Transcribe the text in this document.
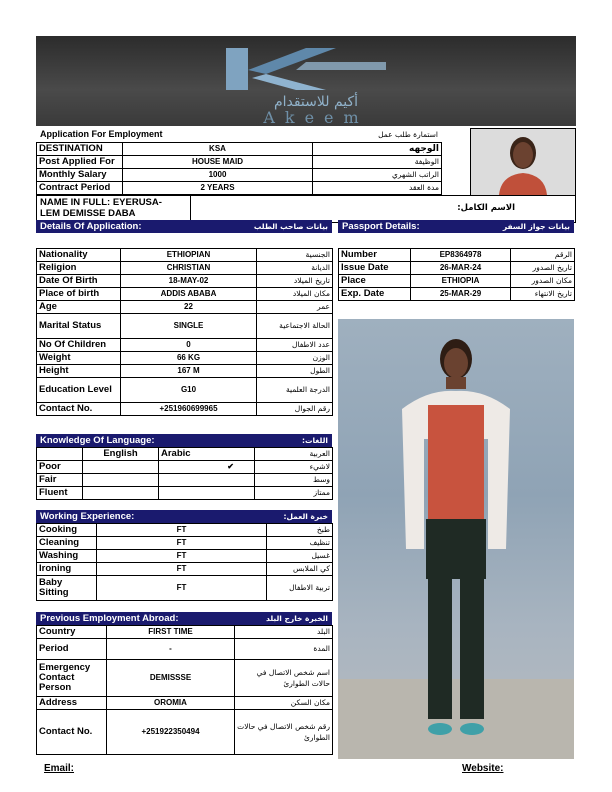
أكيم للاستقدام
Akeem
Application For Employment	استمارة طلب عمل
DESTINATION	KSA	الوجهه
Post Applied For	HOUSE MAID	الوظيفة
Monthly Salary	1000	الراتب الشهري
Contract Period	2 YEARS	مدة العقد
NAME IN FULL: EYERUSA-
LEM DEMISSE DABA	الاسم الكامل:
Details Of Application:	بيانات صاحب الطلب Passport Details:	بيانات جواز السفر
Nationality	ETHIOPIAN	الجنسية
Religion	CHRISTIAN	الديانة
Date Of Birth	18-MAY-02	تاريخ الميلاد
Place of birth	ADDIS ABABA	مكان الميلاد
Age	22	عمر
Marital Status	SINGLE	الحالة الاجتماعية
No Of Children	0	عدد الاطفال
Weight	66 KG	الوزن
Height	167 M	الطول
Education Level	G10	الدرجة العلمية
Contact No.	+251960699965	رقم الجوال
Number	EP8364978	الرقم
Issue Date	26-MAR-24	تاريخ الصدور
Place	ETHIOPIA	مكان الصدور
Exp. Date	25-MAR-29	تاريخ الانتهاء
Knowledge Of Language:	اللغات:
	English	Arabic	العربية
Poor		✔	لاشيء
Fair			وسط
Fluent			ممتاز
Working Experience:	خبرة العمل:
Cooking	FT	طبخ
Cleaning	FT	تنظيف
Washing	FT	غسيل
Ironing	FT	كي الملابس
Baby Sitting	FT	تربية الاطفال
Previous Employment Abroad:	الخبرة خارج البلد
Country	FIRST TIME	البلد
Period	-	المدة
Emergency Contact Person	DEMISSSE	اسم شخص الاتصال في حالات الطوارئ
Address	OROMIA	مكان السكن
Contact No.	+251922350494	رقم شخص الاتصال في حالات الطوارئ
Email:	Website:
